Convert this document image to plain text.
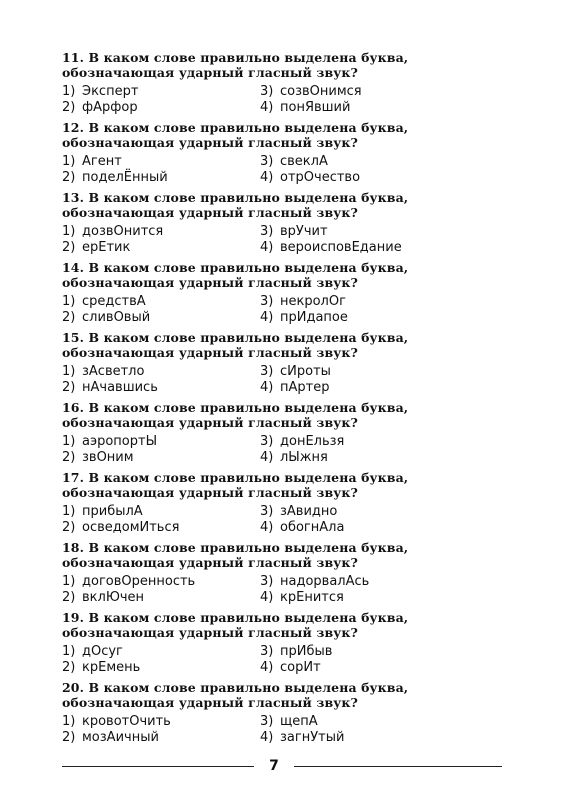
11. В каком слове правильно выделена буква, обозначающая ударный гласный звук?

1) Эксперт	3) созвОнимся
2) фАрфор	4) понЯвший

12. В каком слове правильно выделена буква, обозначающая ударный гласный звук?

1) Агент	3) свеклА
2) поделЁнный	4) отрОчество

13. В каком слове правильно выделена буква, обозначающая ударный гласный звук?

1) дозвОнится	3) врУчит
2) ерЕтик	4) вероисповЕдание

14. В каком слове правильно выделена буква, обозначающая ударный гласный звук?

1) средствА	3) некролОг
2) сливОвый	4) прИдапое

15. В каком слове правильно выделена буква, обозначающая ударный гласный звук?

1) зАсветло	3) сИроты
2) нАчавшись	4) пАртер

16. В каком слове правильно выделена буква, обозначающая ударный гласный звук?

1) аэропортЫ	3) донЕльзя
2) звОним	4) лЫжня

17. В каком слове правильно выделена буква, обозначающая ударный гласный звук?

1) прибылА	3) зАвидно
2) осведомИться	4) обогнАла

18. В каком слове правильно выделена буква, обозначающая ударный гласный звук?

1) договОренность	3) надорвалАсь
2) вклЮчен	4) крЕнится

19. В каком слове правильно выделена буква, обозначающая ударный гласный звук?

1) дОсуг	3) прИбыв
2) крЕмень	4) сорИт

20. В каком слове правильно выделена буква, обозначающая ударный гласный звук?

1) кровотОчить	3) щепА
2) мозАичный	4) загнУтый
7
